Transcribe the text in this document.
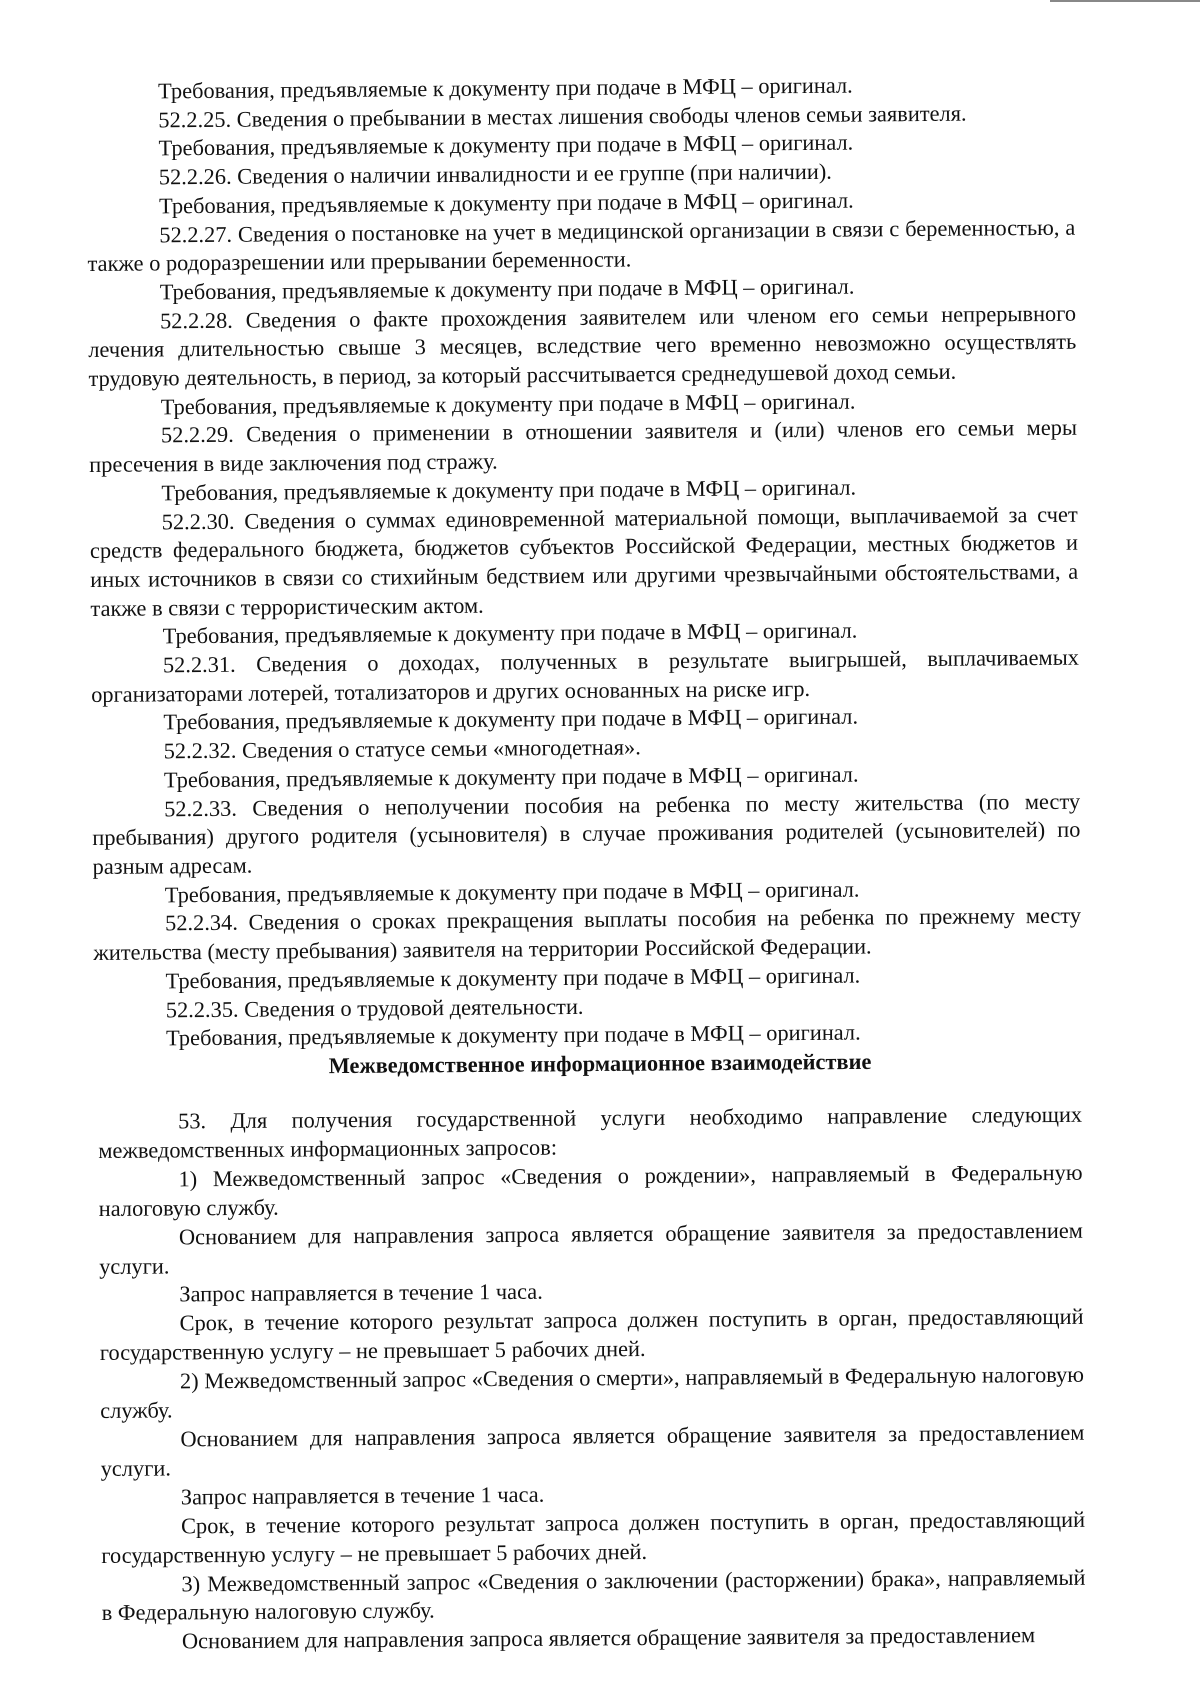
Требования, предъявляемые к документу при подаче в МФЦ – оригинал.

52.2.25. Сведения о пребывании в местах лишения свободы членов семьи заявителя.

Требования, предъявляемые к документу при подаче в МФЦ – оригинал.

52.2.26. Сведения о наличии инвалидности и ее группе (при наличии).

Требования, предъявляемые к документу при подаче в МФЦ – оригинал.

52.2.27. Сведения о постановке на учет в медицинской организации в связи с беременностью, а также о родоразрешении или прерывании беременности.

Требования, предъявляемые к документу при подаче в МФЦ – оригинал.

52.2.28. Сведения о факте прохождения заявителем или членом его семьи непрерывного лечения длительностью свыше 3 месяцев, вследствие чего временно невозможно осуществлять трудовую деятельность, в период, за который рассчитывается среднедушевой доход семьи.

Требования, предъявляемые к документу при подаче в МФЦ – оригинал.

52.2.29. Сведения о применении в отношении заявителя и (или) членов его семьи меры пресечения в виде заключения под стражу.

Требования, предъявляемые к документу при подаче в МФЦ – оригинал.

52.2.30. Сведения о суммах единовременной материальной помощи, выплачиваемой за счет средств федерального бюджета, бюджетов субъектов Российской Федерации, местных бюджетов и иных источников в связи со стихийным бедствием или другими чрезвычайными обстоятельствами, а также в связи с террористическим актом.

Требования, предъявляемые к документу при подаче в МФЦ – оригинал.

52.2.31. Сведения о доходах, полученных в результате выигрышей, выплачиваемых организаторами лотерей, тотализаторов и других основанных на риске игр.

Требования, предъявляемые к документу при подаче в МФЦ – оригинал.

52.2.32. Сведения о статусе семьи «многодетная».

Требования, предъявляемые к документу при подаче в МФЦ – оригинал.

52.2.33. Сведения о неполучении пособия на ребенка по месту жительства (по месту пребывания) другого родителя (усыновителя) в случае проживания родителей (усыновителей) по разным адресам.

Требования, предъявляемые к документу при подаче в МФЦ – оригинал.

52.2.34. Сведения о сроках прекращения выплаты пособия на ребенка по прежнему месту жительства (месту пребывания) заявителя на территории Российской Федерации.

Требования, предъявляемые к документу при подаче в МФЦ – оригинал.

52.2.35. Сведения о трудовой деятельности.

Требования, предъявляемые к документу при подаче в МФЦ – оригинал.

Межведомственное информационное взаимодействие

53. Для получения государственной услуги необходимо направление следующих межведомственных информационных запросов:

1) Межведомственный запрос «Сведения о рождении», направляемый в Федеральную налоговую службу.

Основанием для направления запроса является обращение заявителя за предоставлением услуги.

Запрос направляется в течение 1 часа.

Срок, в течение которого результат запроса должен поступить в орган, предоставляющий государственную услугу – не превышает 5 рабочих дней.

2) Межведомственный запрос «Сведения о смерти», направляемый в Федеральную налоговую службу.

Основанием для направления запроса является обращение заявителя за предоставлением услуги.

Запрос направляется в течение 1 часа.

Срок, в течение которого результат запроса должен поступить в орган, предоставляющий государственную услугу – не превышает 5 рабочих дней.

3) Межведомственный запрос «Сведения о заключении (расторжении) брака», направляемый в Федеральную налоговую службу.

Основанием для направления запроса является обращение заявителя за предоставлением
